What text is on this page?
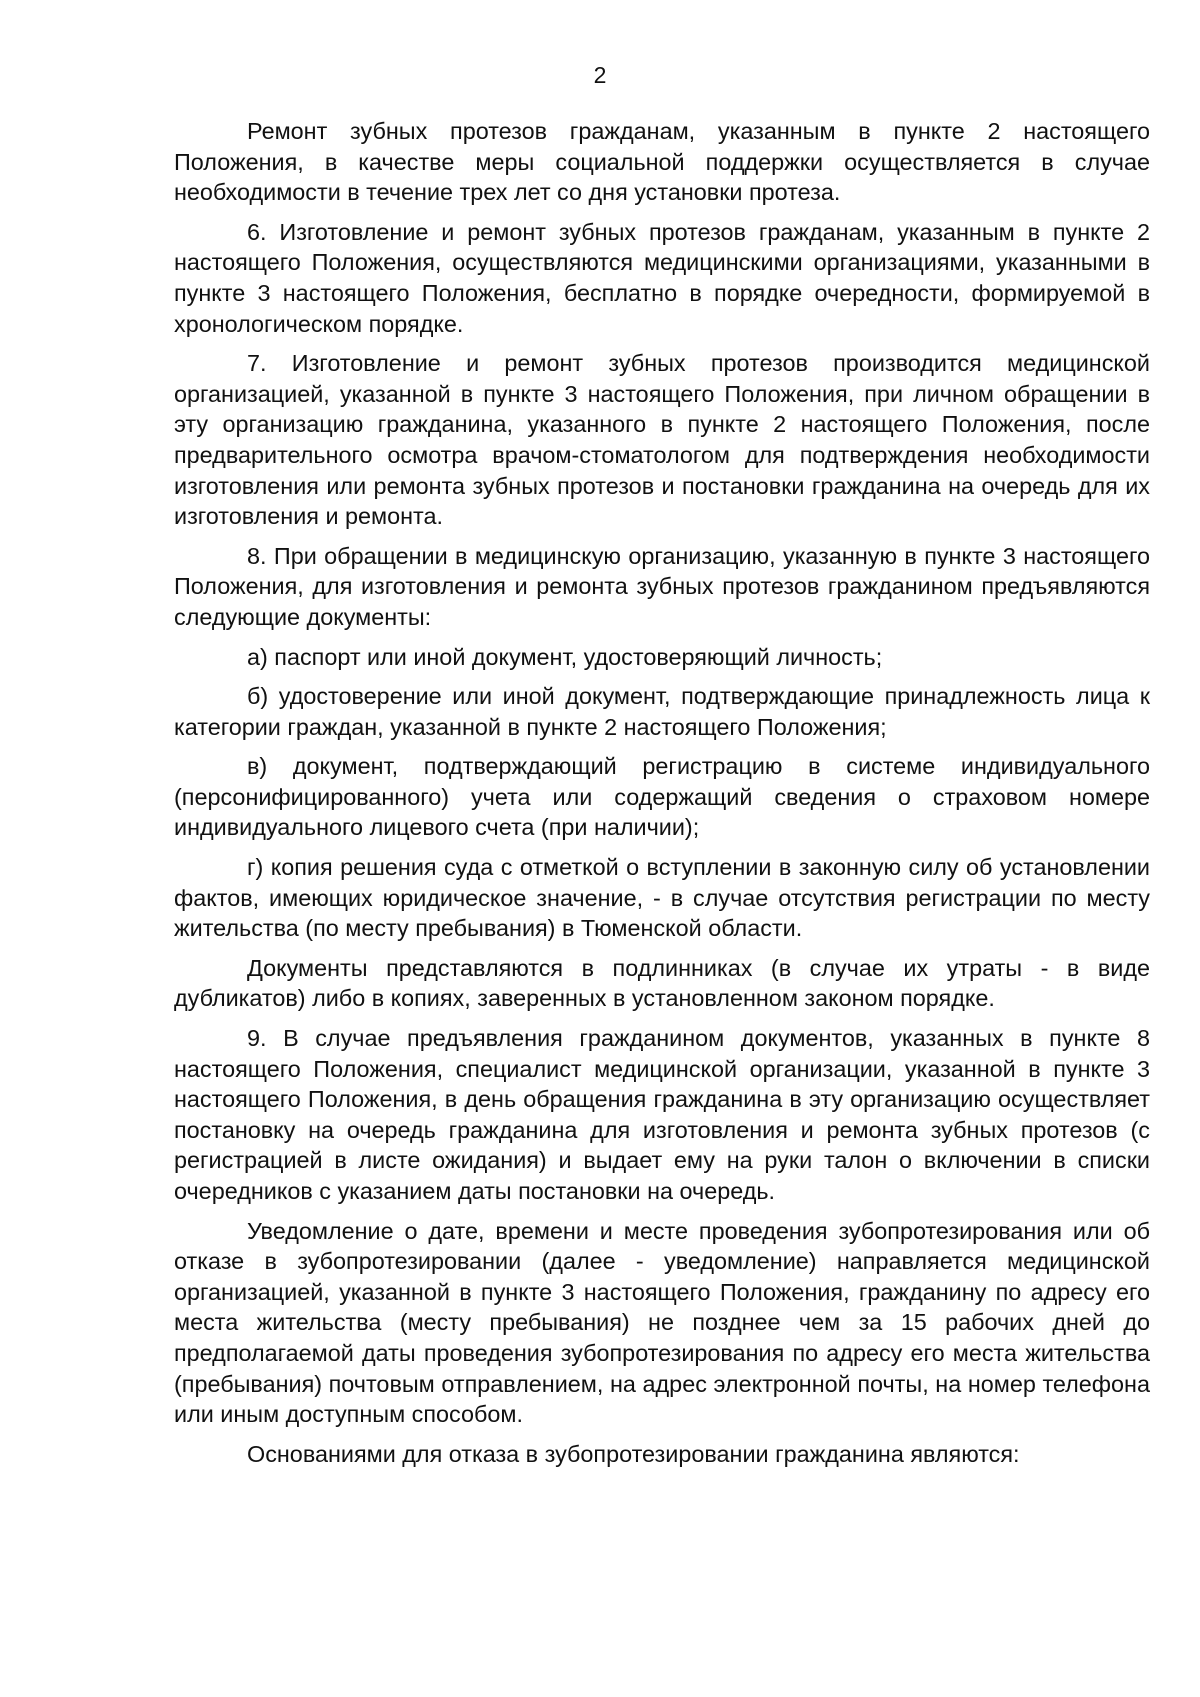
2

Ремонт зубных протезов гражданам, указанным в пункте 2 настоящего Положения, в качестве меры социальной поддержки осуществляется в случае необходимости в течение трех лет со дня установки протеза.

6. Изготовление и ремонт зубных протезов гражданам, указанным в пункте 2 настоящего Положения, осуществляются медицинскими организациями, указанными в пункте 3 настоящего Положения, бесплатно в порядке очередности, формируемой в хронологическом порядке.

7. Изготовление и ремонт зубных протезов производится медицинской организацией, указанной в пункте 3 настоящего Положения, при личном обращении в эту организацию гражданина, указанного в пункте 2 настоящего Положения, после предварительного осмотра врачом-стоматологом для подтверждения необходимости изготовления или ремонта зубных протезов и постановки гражданина на очередь для их изготовления и ремонта.

8. При обращении в медицинскую организацию, указанную в пункте 3 настоящего Положения, для изготовления и ремонта зубных протезов гражданином предъявляются следующие документы:

а) паспорт или иной документ, удостоверяющий личность;

б) удостоверение или иной документ, подтверждающие принадлежность лица к категории граждан, указанной в пункте 2 настоящего Положения;

в) документ, подтверждающий регистрацию в системе индивидуального (персонифицированного) учета или содержащий сведения о страховом номере индивидуального лицевого счета (при наличии);

г) копия решения суда с отметкой о вступлении в законную силу об установлении фактов, имеющих юридическое значение, - в случае отсутствия регистрации по месту жительства (по месту пребывания) в Тюменской области.

Документы представляются в подлинниках (в случае их утраты - в виде дубликатов) либо в копиях, заверенных в установленном законом порядке.

9. В случае предъявления гражданином документов, указанных в пункте 8 настоящего Положения, специалист медицинской организации, указанной в пункте 3 настоящего Положения, в день обращения гражданина в эту организацию осуществляет постановку на очередь гражданина для изготовления и ремонта зубных протезов (с регистрацией в листе ожидания) и выдает ему на руки талон о включении в списки очередников с указанием даты постановки на очередь.

Уведомление о дате, времени и месте проведения зубопротезирования или об отказе в зубопротезировании (далее - уведомление) направляется медицинской организацией, указанной в пункте 3 настоящего Положения, гражданину по адресу его места жительства (месту пребывания) не позднее чем за 15 рабочих дней до предполагаемой даты проведения зубопротезирования по адресу его места жительства (пребывания) почтовым отправлением, на адрес электронной почты, на номер телефона или иным доступным способом.

Основаниями для отказа в зубопротезировании гражданина являются:
